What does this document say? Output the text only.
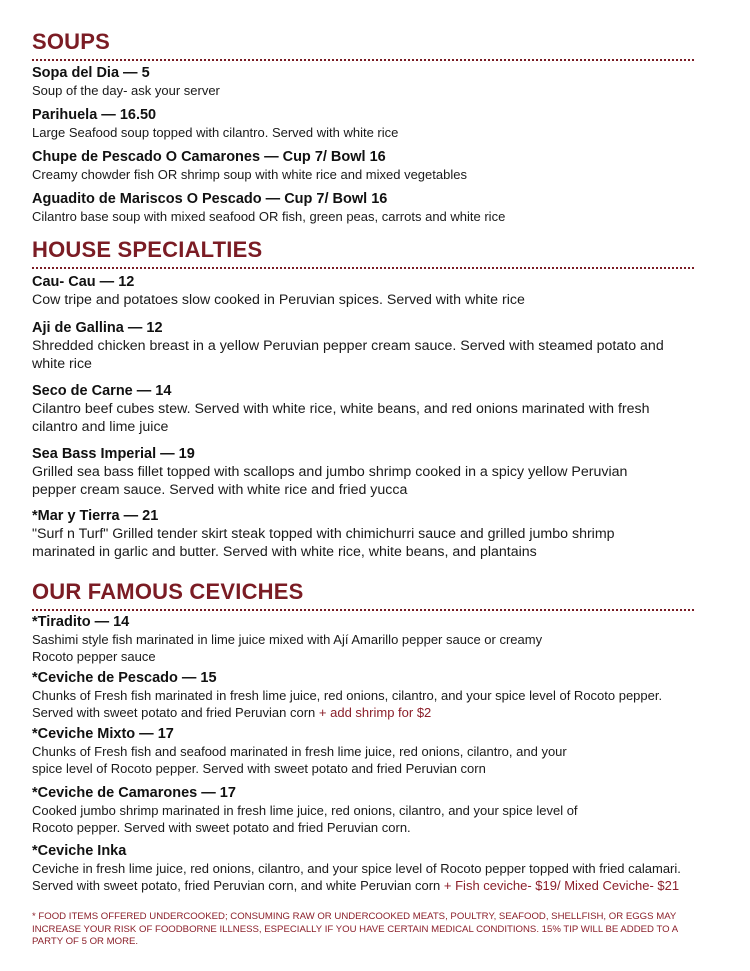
SOUPS
Sopa del Dia — 5
Soup of the day- ask your server
Parihuela — 16.50
Large Seafood soup topped with cilantro. Served with white rice
Chupe de Pescado O Camarones — Cup 7/ Bowl 16
Creamy chowder fish OR shrimp soup with white rice and mixed vegetables
Aguadito de Mariscos O Pescado — Cup 7/ Bowl 16
Cilantro base soup with mixed seafood OR fish, green peas, carrots and white rice
HOUSE SPECIALTIES
Cau- Cau — 12
Cow tripe and potatoes slow cooked in Peruvian spices. Served with white rice
Aji de Gallina — 12
Shredded chicken breast in a yellow Peruvian pepper cream sauce. Served with steamed potato and
white rice
Seco de Carne — 14
Cilantro beef cubes stew. Served with white rice, white beans, and red onions marinated with fresh
cilantro and lime juice
Sea Bass Imperial — 19
Grilled sea bass fillet topped with scallops and jumbo shrimp cooked in a spicy yellow Peruvian
pepper cream sauce. Served with white rice and fried yucca
*Mar y Tierra — 21
"Surf n Turf" Grilled tender skirt steak topped with chimichurri sauce and grilled jumbo shrimp
marinated in garlic and butter. Served with white rice, white beans, and plantains
OUR FAMOUS CEVICHES
*Tiradito — 14
Sashimi style fish marinated in lime juice mixed with Ají Amarillo pepper sauce or creamy
Rocoto pepper sauce
*Ceviche de Pescado — 15
Chunks of Fresh fish marinated in fresh lime juice, red onions, cilantro, and your spice level of Rocoto pepper.
Served with sweet potato and fried Peruvian corn + add shrimp for $2
*Ceviche Mixto — 17
Chunks of Fresh fish and seafood marinated in fresh lime juice, red onions, cilantro, and your
spice level of Rocoto pepper. Served with sweet potato and fried Peruvian corn
*Ceviche de Camarones — 17
Cooked jumbo shrimp marinated in fresh lime juice, red onions, cilantro, and your spice level of
Rocoto pepper. Served with sweet potato and fried Peruvian corn.
*Ceviche Inka
Ceviche in fresh lime juice, red onions, cilantro, and your spice level of Rocoto pepper topped with fried calamari.
Served with sweet potato, fried Peruvian corn, and white Peruvian corn + Fish ceviche- $19/ Mixed Ceviche- $21
* FOOD ITEMS OFFERED UNDERCOOKED; CONSUMING RAW OR UNDERCOOKED MEATS, POULTRY, SEAFOOD, SHELLFISH, OR EGGS MAY INCREASE YOUR RISK OF FOODBORNE ILLNESS, ESPECIALLY IF YOU HAVE CERTAIN MEDICAL CONDITIONS. 15% TIP WILL BE ADDED TO A PARTY OF 5 OR MORE.
